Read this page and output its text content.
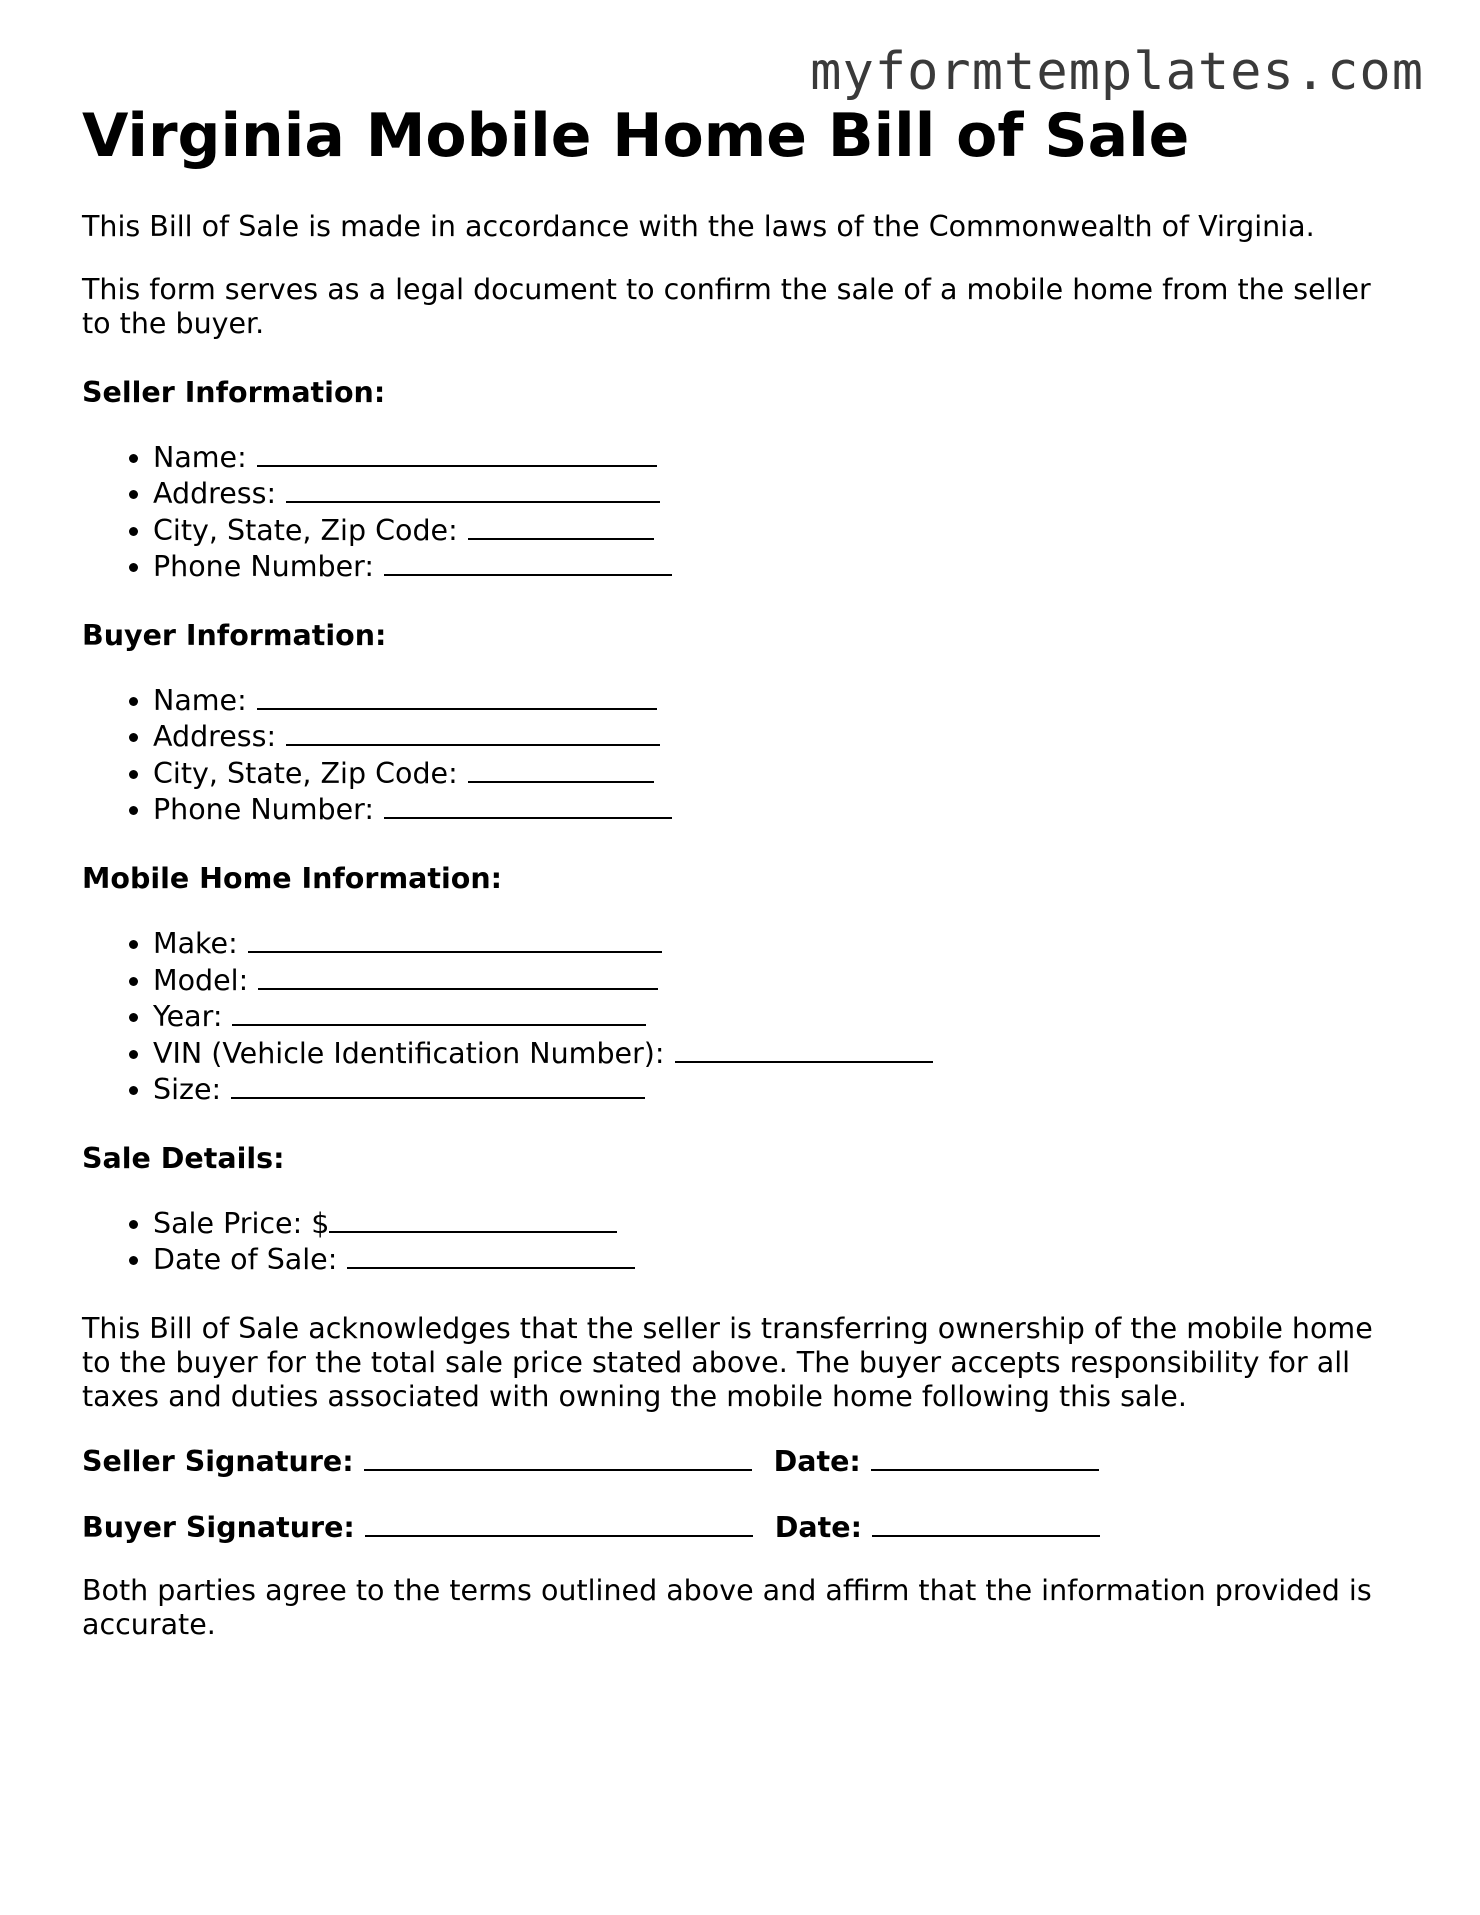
myformtemplates.com
Virginia Mobile Home Bill of Sale

This Bill of Sale is made in accordance with the laws of the Commonwealth of Virginia.

This form serves as a legal document to confirm the sale of a mobile home from the seller to the buyer.

Seller Information:
• Name:
• Address:
• City, State, Zip Code:
• Phone Number:
Buyer Information:
• Name:
• Address:
• City, State, Zip Code:
• Phone Number:
Mobile Home Information:
• Make:
• Model:
• Year:
• VIN (Vehicle Identification Number):
• Size:
Sale Details:
• Sale Price: $
• Date of Sale:

This Bill of Sale acknowledges that the seller is transferring ownership of the mobile home to the buyer for the total sale price stated above. The buyer accepts responsibility for all taxes and duties associated with owning the mobile home following this sale.

Seller Signature:	Date:
Buyer Signature:	Date:

Both parties agree to the terms outlined above and affirm that the information provided is accurate.
